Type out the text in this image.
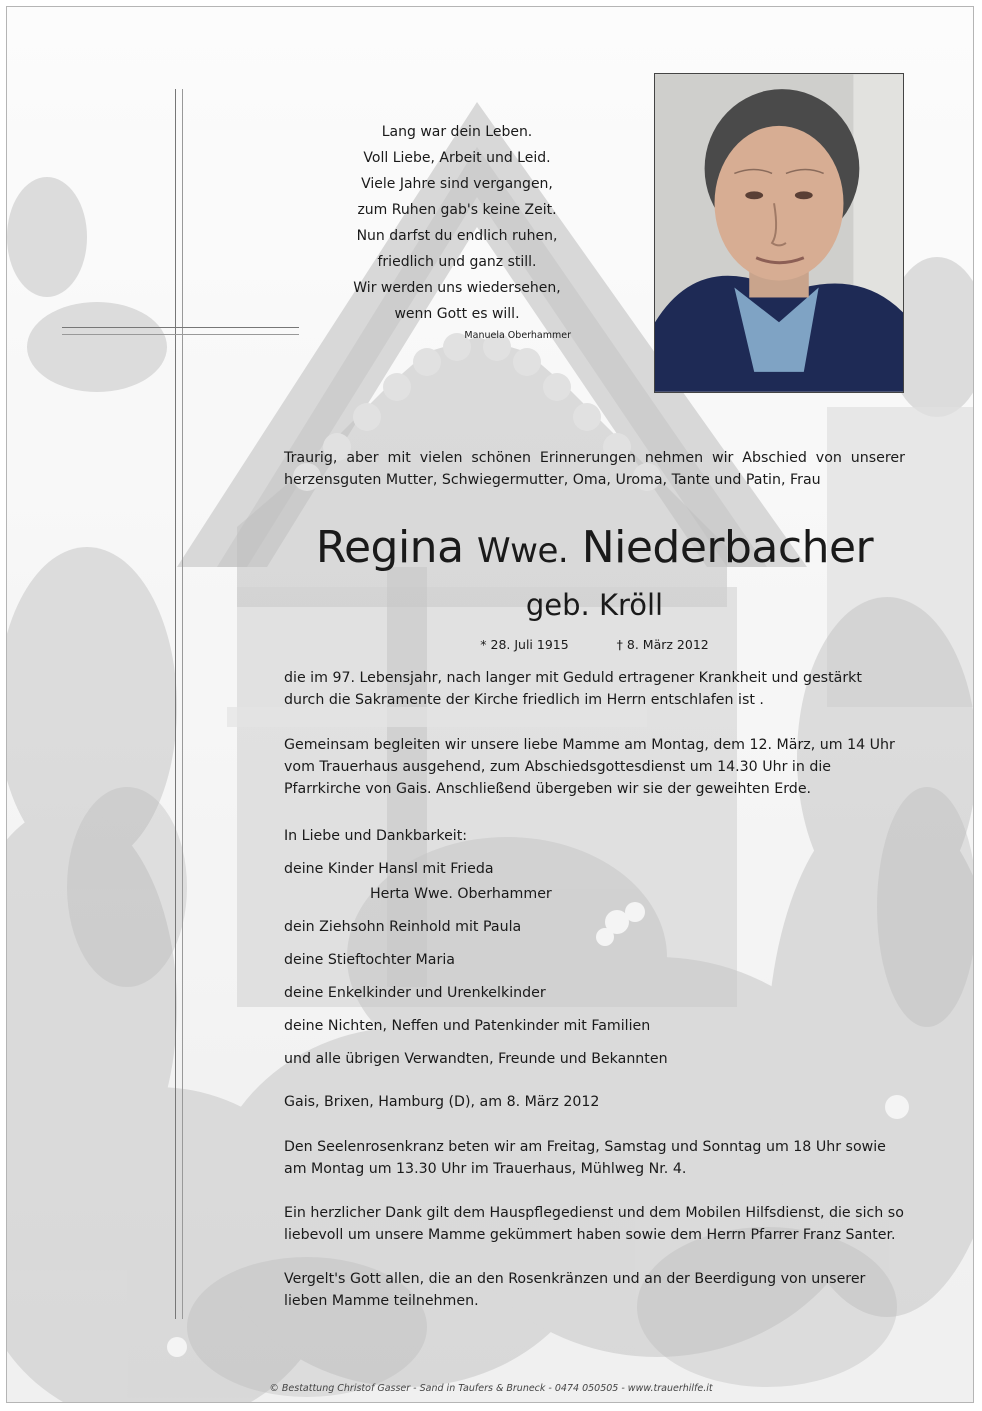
Lang war dein Leben.
Voll Liebe, Arbeit und Leid.
Viele Jahre sind vergangen,
zum Ruhen gab's keine Zeit.
Nun darfst du endlich ruhen,
friedlich und ganz still.
Wir werden uns wiedersehen,
wenn Gott es will.
Manuela Oberhammer
Traurig, aber mit vielen schönen Erinnerungen nehmen wir Abschied von unserer herzensguten Mutter, Schwiegermutter, Oma, Uroma, Tante und Patin, Frau
Regina Wwe. Niederbacher
geb. Kröll
* 28. Juli 1915	† 8. März 2012
die im 97. Lebensjahr, nach langer mit Geduld ertragener Krankheit und gestärkt durch die Sakramente der Kirche friedlich im Herrn entschlafen ist .
Gemeinsam begleiten wir unsere liebe Mamme am Montag, dem 12. März, um 14 Uhr vom Trauerhaus ausgehend, zum Abschiedsgottesdienst um 14.30 Uhr in die Pfarrkirche von Gais. Anschließend übergeben wir sie der geweihten Erde.
In Liebe und Dankbarkeit:
deine Kinder Hansl mit Frieda
Herta Wwe. Oberhammer
dein Ziehsohn Reinhold mit Paula
deine Stieftochter Maria
deine Enkelkinder und Urenkelkinder
deine Nichten, Neffen und Patenkinder mit Familien
und alle übrigen Verwandten, Freunde und Bekannten
Gais, Brixen, Hamburg (D), am 8. März 2012
Den Seelenrosenkranz beten wir am Freitag, Samstag und Sonntag um 18 Uhr sowie am Montag um 13.30 Uhr im Trauerhaus, Mühlweg Nr. 4.
Ein herzlicher Dank gilt dem Hauspflegedienst und dem Mobilen Hilfsdienst, die sich so liebevoll um unsere Mamme gekümmert haben sowie dem Herrn Pfarrer Franz Santer.
Vergelt's Gott allen, die an den Rosenkränzen und an der Beerdigung von unserer lieben Mamme teilnehmen.
© Bestattung Christof Gasser - Sand in Taufers & Bruneck - 0474 050505 - www.trauerhilfe.it
